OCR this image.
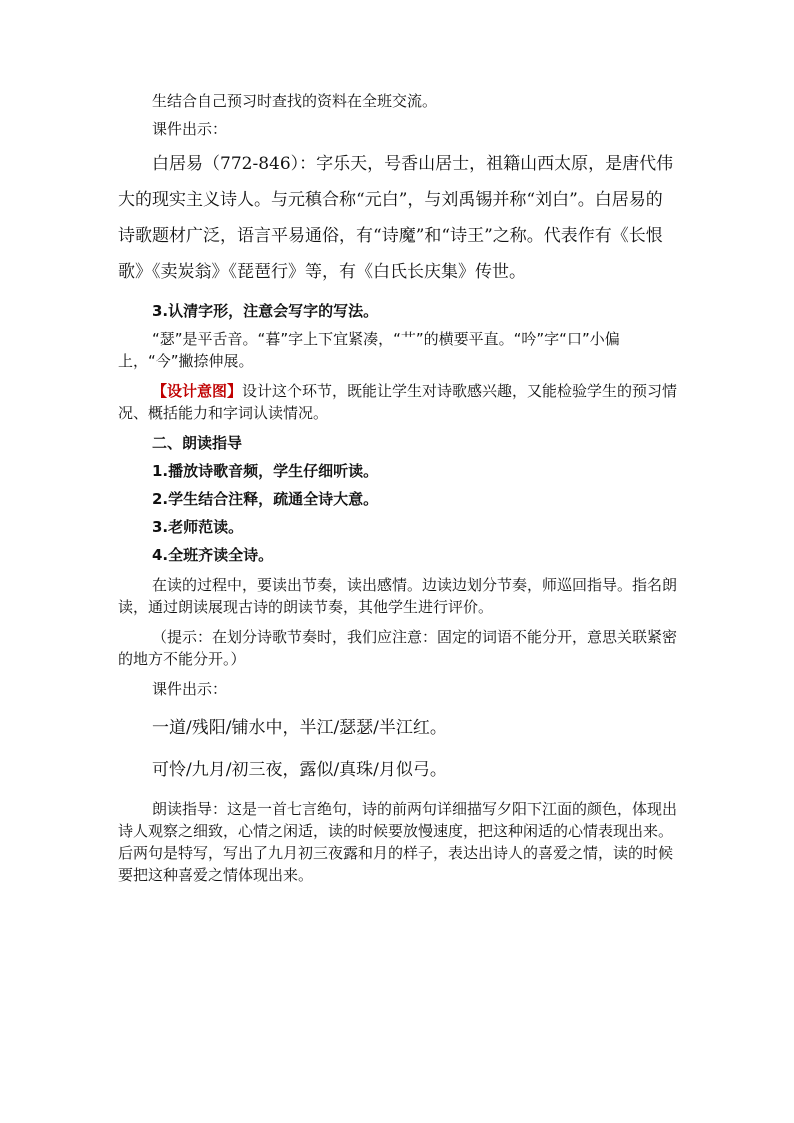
生结合自己预习时查找的资料在全班交流。

课件出示：

白居易（772-846）：字乐天，号香山居士，祖籍山西太原，是唐代伟大的现实主义诗人。与元稹合称“元白”，与刘禹锡并称“刘白”。白居易的诗歌题材广泛，语言平易通俗，有“诗魔”和“诗王”之称。代表作有《长恨歌》《卖炭翁》《琵琶行》等，有《白氏长庆集》传世。

3.认清字形，注意会写字的写法。

“瑟”是平舌音。“暮”字上下宜紧凑，“艹”的横要平直。“吟”字“口”小偏上，“今”撇捺伸展。

【设计意图】设计这个环节，既能让学生对诗歌感兴趣，又能检验学生的预习情况、概括能力和字词认读情况。

二、朗读指导

1.播放诗歌音频，学生仔细听读。

2.学生结合注释，疏通全诗大意。

3.老师范读。

4.全班齐读全诗。

在读的过程中，要读出节奏，读出感情。边读边划分节奏，师巡回指导。指名朗读，通过朗读展现古诗的朗读节奏，其他学生进行评价。

（提示：在划分诗歌节奏时，我们应注意：固定的词语不能分开，意思关联紧密的地方不能分开。）

课件出示：

一道/残阳/铺水中，半江/瑟瑟/半江红。

可怜/九月/初三夜，露似/真珠/月似弓。

朗读指导：这是一首七言绝句，诗的前两句详细描写夕阳下江面的颜色，体现出诗人观察之细致，心情之闲适，读的时候要放慢速度，把这种闲适的心情表现出来。后两句是特写，写出了九月初三夜露和月的样子，表达出诗人的喜爱之情，读的时候要把这种喜爱之情体现出来。
